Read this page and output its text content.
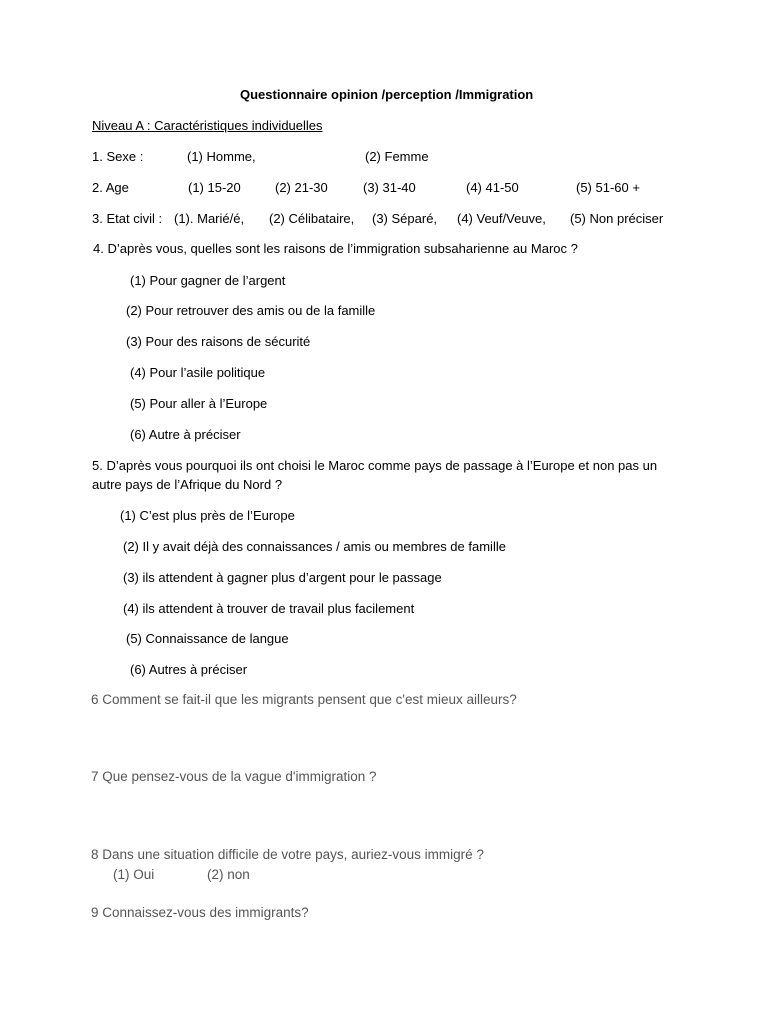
Questionnaire opinion /perception /Immigration
Niveau A : Caractéristiques individuelles
1. Sexe :	(1) Homme,	(2) Femme
2. Age	(1) 15-20	(2) 21-30	(3) 31-40	(4) 41-50	(5) 51-60 +
3. Etat civil : (1). Marié/é, (2) Célibataire, (3) Séparé, (4) Veuf/Veuve, (5) Non préciser
4. D’après vous, quelles sont les raisons de l’immigration subsaharienne au Maroc ?
(1) Pour gagner de l’argent
(2) Pour retrouver des amis ou de la famille
(3) Pour des raisons de sécurité
(4) Pour l’asile politique
(5) Pour aller à l’Europe
(6) Autre à préciser
5. D’après vous pourquoi ils ont choisi le Maroc comme pays de passage à l’Europe et non pas un
autre pays de l’Afrique du Nord ?
(1) C’est plus près de l’Europe
(2) Il y avait déjà des connaissances / amis ou membres de famille
(3) ils attendent à gagner plus d’argent pour le passage
(4) ils attendent à trouver de travail plus facilement
(5) Connaissance de langue
(6) Autres à préciser
6 Comment se fait-il que les migrants pensent que c'est mieux ailleurs?
7 Que pensez-vous de la vague d'immigration ?
8 Dans une situation difficile de votre pays, auriez-vous immigré ?
(1) Oui	(2) non
9 Connaissez-vous des immigrants?
